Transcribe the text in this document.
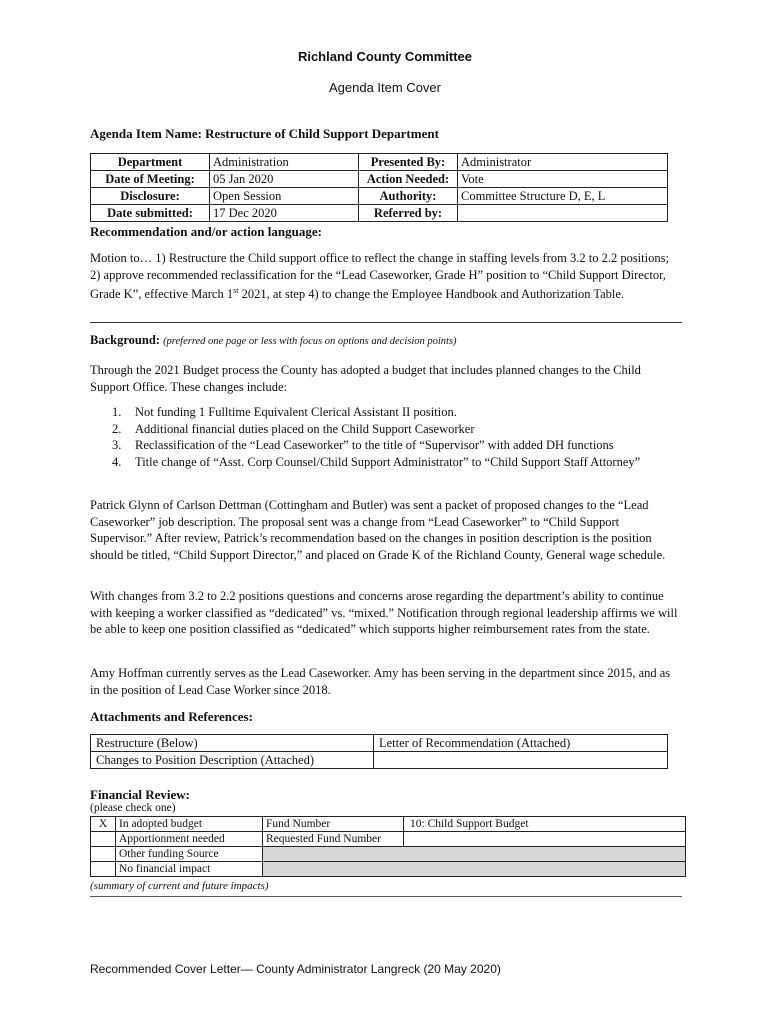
Richland County Committee
Agenda Item Cover
Agenda Item Name: Restructure of Child Support Department
Department	Administration	Presented By:	Administrator
Date of Meeting:	05 Jan 2020	Action Needed:	Vote
Disclosure:	Open Session	Authority:	Committee Structure D, E, L
Date submitted:	17 Dec 2020	Referred by:	
Recommendation and/or action language:
Motion to… 1) Restructure the Child support office to reflect the change in staffing levels from 3.2 to 2.2 positions; 2) approve recommended reclassification for the “Lead Caseworker, Grade H” position to “Child Support Director, Grade K”, effective March 1st 2021, at step 4) to change the Employee Handbook and Authorization Table.
Background: (preferred one page or less with focus on options and decision points)
Through the 2021 Budget process the County has adopted a budget that includes planned changes to the Child Support Office. These changes include:
1. Not funding 1 Fulltime Equivalent Clerical Assistant II position.
2. Additional financial duties placed on the Child Support Caseworker
3. Reclassification of the “Lead Caseworker” to the title of “Supervisor” with added DH functions
4. Title change of “Asst. Corp Counsel/Child Support Administrator” to “Child Support Staff Attorney”
Patrick Glynn of Carlson Dettman (Cottingham and Butler) was sent a packet of proposed changes to the “Lead Caseworker” job description. The proposal sent was a change from “Lead Caseworker” to “Child Support Supervisor.” After review, Patrick’s recommendation based on the changes in position description is the position should be titled, “Child Support Director,” and placed on Grade K of the Richland County, General wage schedule.
With changes from 3.2 to 2.2 positions questions and concerns arose regarding the department’s ability to continue with keeping a worker classified as “dedicated” vs. “mixed.” Notification through regional leadership affirms we will be able to keep one position classified as “dedicated” which supports higher reimbursement rates from the state.
Amy Hoffman currently serves as the Lead Caseworker. Amy has been serving in the department since 2015, and as in the position of Lead Case Worker since 2018.
Attachments and References:
Restructure (Below)	Letter of Recommendation (Attached)
Changes to Position Description (Attached)	
Financial Review:
(please check one)
X	In adopted budget	Fund Number	10: Child Support Budget
	Apportionment needed	Requested Fund Number	
	Other funding Source		
	No financial impact		
(summary of current and future impacts)
Recommended Cover Letter— County Administrator Langreck (20 May 2020)
